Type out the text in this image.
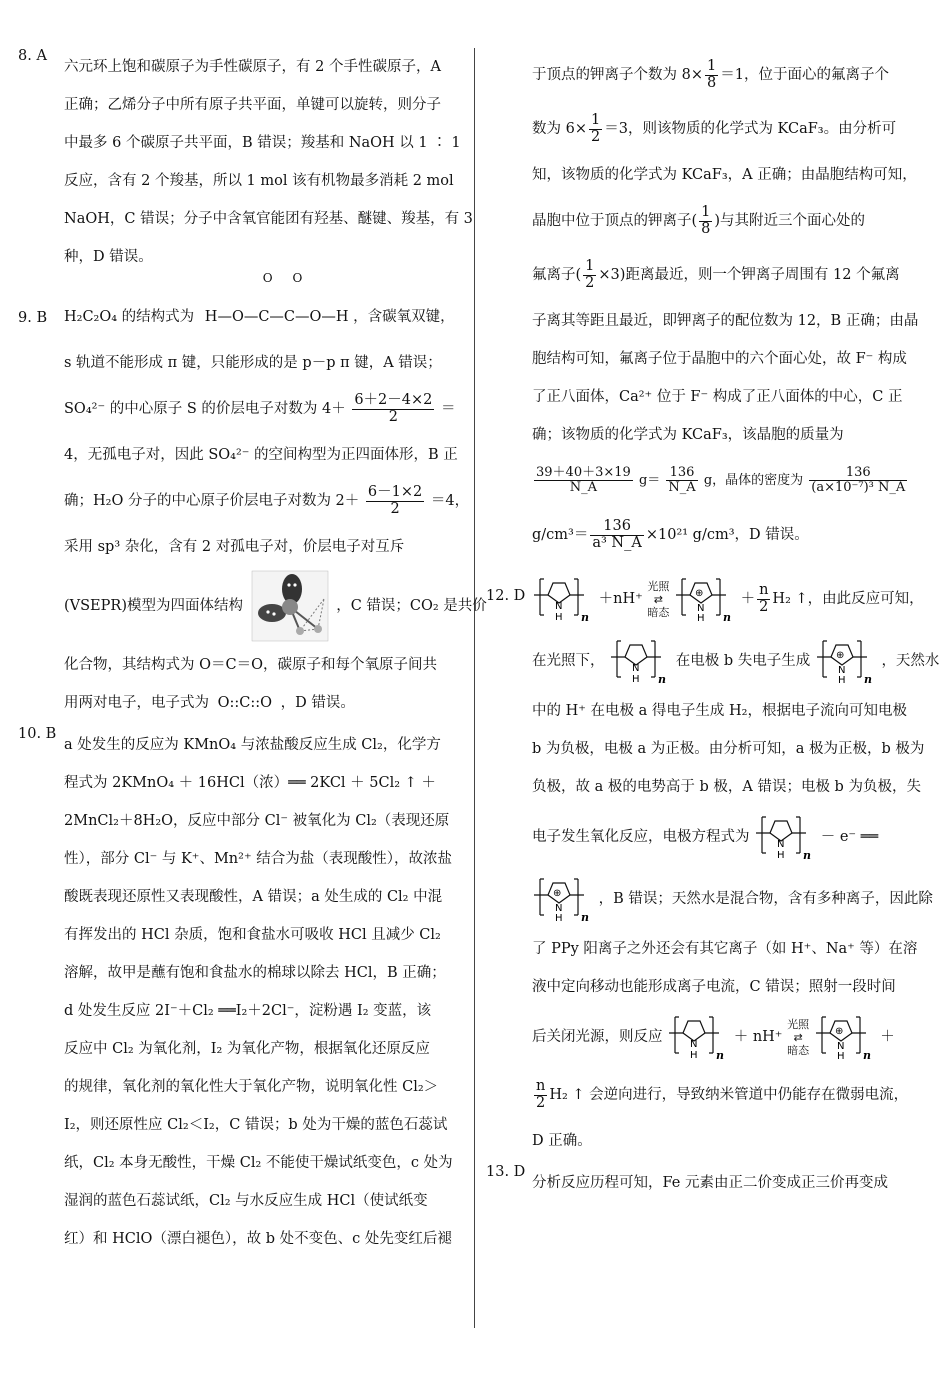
8. A
六元环上饱和碳原子为手性碳原子，有 2 个手性碳原子，A
正确；乙烯分子中所有原子共平面，单键可以旋转，则分子
中最多 6 个碳原子共平面，B 错误；羧基和 NaOH 以 1 ∶ 1
反应，含有 2 个羧基，所以 1 mol 该有机物最多消耗 2 mol
NaOH，C 错误；分子中含氧官能团有羟基、醚键、羧基，有 3
种，D 错误。
9. B	H₂C₂O₄ 的结构式为
O O
H—O—C—C—O—H ，含碳氧双键，
s 轨道不能形成 π 键，只能形成的是 p－p π 键，A 错误；
SO₄²⁻ 的中心原子 S 的价层电子对数为 $4+ \frac{6+2-4\times 2}{2}$ ＝
4，无孤电子对，因此 SO₄²⁻ 的空间构型为正四面体形，B 正
确；H₂O 分子的中心原子价层电子对数为 $2+ \frac{6-1\times 2}{2} =4$，
采用 sp³ 杂化，含有 2 对孤电子对，价层电子对互斥
(VSEPR)模型为四面体结构	，C 错误；CO₂ 是共价
化合物，其结构式为 O＝C＝O，碳原子和每个氧原子间共
用两对电子，电子式为 O::C::O ，D 错误。
10. B
a 处发生的反应为 KMnO₄ 与浓盐酸反应生成 Cl₂，化学方
程式为 2KMnO₄ ＋ 16HCl（浓）══ 2KCl ＋ 5Cl₂ ↑ ＋
2MnCl₂＋8H₂O，反应中部分 Cl⁻ 被氧化为 Cl₂（表现还原
性），部分 Cl⁻ 与 K⁺、Mn²⁺ 结合为盐（表现酸性），故浓盐
酸既表现还原性又表现酸性，A 错误；a 处生成的 Cl₂ 中混
有挥发出的 HCl 杂质，饱和食盐水可吸收 HCl 且减少 Cl₂
溶解，故甲是蘸有饱和食盐水的棉球以除去 HCl，B 正确；
d 处发生反应 2I⁻＋Cl₂ ══I₂＋2Cl⁻，淀粉遇 I₂ 变蓝，该
反应中 Cl₂ 为氧化剂，I₂ 为氧化产物，根据氧化还原反应
的规律，氧化剂的氧化性大于氧化产物，说明氧化性 Cl₂＞
I₂，则还原性应 Cl₂＜I₂，C 错误；b 处为干燥的蓝色石蕊试
纸，Cl₂ 本身无酸性，干燥 Cl₂ 不能使干燥试纸变色，c 处为
湿润的蓝色石蕊试纸，Cl₂ 与水反应生成 HCl（使试纸变
红）和 HClO（漂白褪色），故 b 处不变色、c 处先变红后褪
于顶点的钾离子个数为 $8\times \frac{1}{8} =1$，位于面心的氟离子个
数为 $6\times \frac{1}{2} =3$，则该物质的化学式为 KCaF₃。由分析可
知，该物质的化学式为 KCaF₃，A 正确；由晶胞结构可知，
晶胞中位于顶点的钾离子( $\frac{1}{8}$ )与其附近三个面心处的
氟离子( $\frac{1}{2} \times 3$)距离最近，则一个钾离子周围有 12 个氟离
子离其等距且最近，即钾离子的配位数为 12，B 正确；由晶
胞结构可知，氟离子位于晶胞中的六个面心处，故 F⁻ 构成
了正八面体，Ca²⁺ 位于 F⁻ 构成了正八面体的中心，C 正
确；该物质的化学式为 KCaF₃，该晶胞的质量为
$\frac{39+40+3\times 19}{N\_A} g= \frac{136}{N\_A}$ g，晶体的密度为 $\frac{136}{\text{(a×10⁻⁷)³ N\_A}}$
$g/cm^3= \frac{136}{\text{a³ N\_A}} \times 10^{21}$ g/cm³，D 错误。
12. D
N
H n
＋nH⁺
光照
⇄
暗态

⊕
N
H n
＋ $\frac{n}{2} H_2$ ↑，由此反应可知，
在光照下，	N
H n
在电极 b 失电子生成	⊕
N
H n
，天然水
中的 H⁺ 在电极 a 得电子生成 H₂，根据电子流向可知电极
b 为负极，电极 a 为正极。由分析可知，a 极为正极，b 极为
负极，故 a 极的电势高于 b 极，A 错误；电极 b 为负极，失
电子发生氧化反应，电极方程式为	N
H n
－ e⁻ ══
⊕
N
H n
，B 错误；天然水是混合物，含有多种离子，因此除
了 PPy 阳离子之外还会有其它离子（如 H⁺、Na⁺ 等）在溶
液中定向移动也能形成离子电流，C 错误；照射一段时间
后关闭光源，则反应	N
H n
＋ nH⁺
光照
⇄
暗态

⊕
N
H n
＋
$\frac{n}{2} H_2$ ↑ 会逆向进行，导致纳米管道中仍能存在微弱电流，
D 正确。
13. D
分析反应历程可知，Fe 元素由正二价变成正三价再变成
